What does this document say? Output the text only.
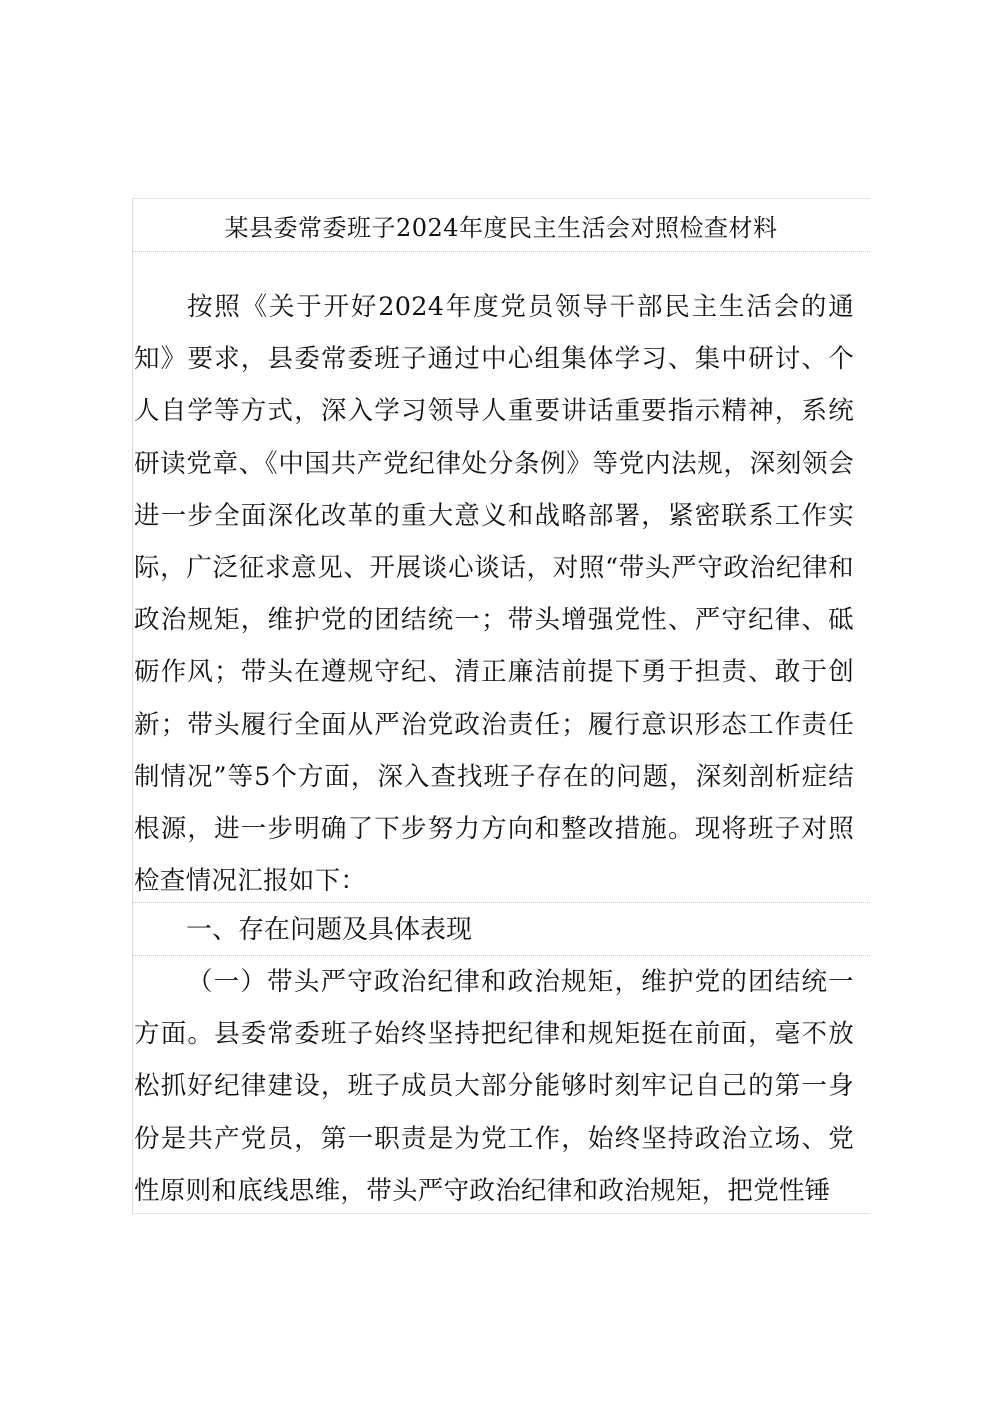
某县委常委班子2024年度民主生活会对照检查材料

按照《关于开好2024年度党员领导干部民主生活会的通知》要求，县委常委班子通过中心组集体学习、集中研讨、个人自学等方式，深入学习领导人重要讲话重要指示精神，系统研读党章、《中国共产党纪律处分条例》等党内法规，深刻领会进一步全面深化改革的重大意义和战略部署，紧密联系工作实际，广泛征求意见、开展谈心谈话，对照“带头严守政治纪律和政治规矩，维护党的团结统一；带头增强党性、严守纪律、砥砺作风；带头在遵规守纪、清正廉洁前提下勇于担责、敢于创新；带头履行全面从严治党政治责任；履行意识形态工作责任制情况”等5个方面，深入查找班子存在的问题，深刻剖析症结根源，进一步明确了下步努力方向和整改措施。现将班子对照检查情况汇报如下：

一、存在问题及具体表现

（一）带头严守政治纪律和政治规矩，维护党的团结统一方面。县委常委班子始终坚持把纪律和规矩挺在前面，毫不放松抓好纪律建设，班子成员大部分能够时刻牢记自己的第一身份是共产党员，第一职责是为党工作，始终坚持政治立场、党性原则和底线思维，带头严守政治纪律和政治规矩，把党性锤
